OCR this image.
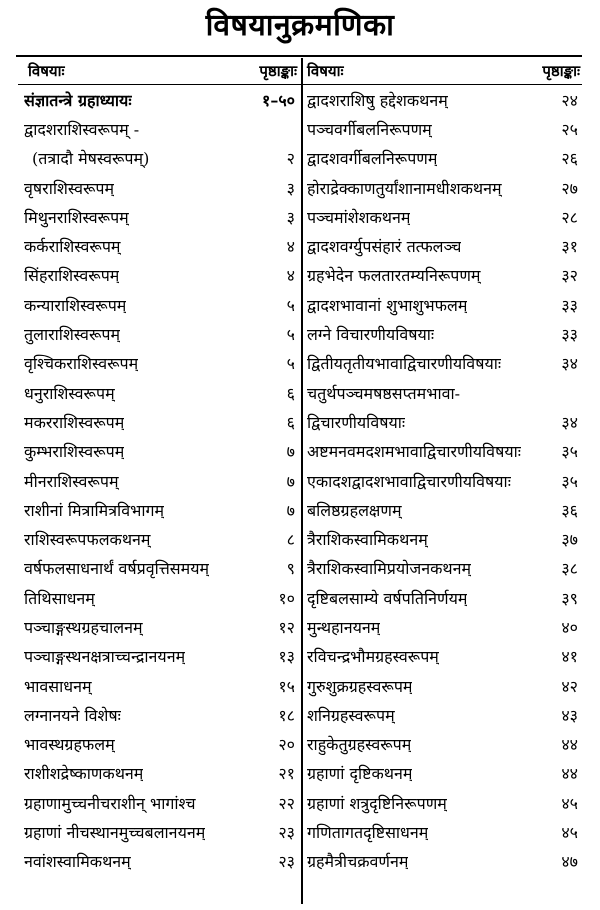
विषयानुक्रमणिका
विषयाः	पृष्ठाङ्काः
संज्ञातन्त्रे ग्रहाध्यायः	१–५०
द्वादशराशिस्वरूपम् -
(तत्रादौ मेषस्वरूपम्)	२
वृषराशिस्वरूपम्	३
मिथुनराशिस्वरूपम्	३
कर्कराशिस्वरूपम्	४
सिंहराशिस्वरूपम्	४
कन्याराशिस्वरूपम्	५
तुलाराशिस्वरूपम्	५
वृश्चिकराशिस्वरूपम्	५
धनुराशिस्वरूपम्	६
मकरराशिस्वरूपम्	६
कुम्भराशिस्वरूपम्	७
मीनराशिस्वरूपम्	७
राशीनां मित्रामित्रविभागम्	७
राशिस्वरूपफलकथनम्	८
वर्षफलसाधनार्थं वर्षप्रवृत्तिसमयम्	९
तिथिसाधनम्	१०
पञ्चाङ्गस्थग्रहचालनम्	१२
पञ्चाङ्गस्थनक्षत्राच्चन्द्रानयनम्	१३
भावसाधनम्	१५
लग्नानयने विशेषः	१८
भावस्थग्रहफलम्	२०
राशीशद्रेष्काणकथनम्	२१
ग्रहाणामुच्चनीचराशीन् भागांश्च	२२
ग्रहाणां नीचस्थानमुच्चबलानयनम्	२३
नवांशस्वामिकथनम्	२३
विषयाः	पृष्ठाङ्काः
द्वादशराशिषु हद्देशकथनम्	२४
पञ्चवर्गीबलनिरूपणम्	२५
द्वादशवर्गीबलनिरूपणम्	२६
होराद्रेक्काणतुर्यांशानामधीशकथनम्	२७
पञ्चमांशेशकथनम्	२८
द्वादशवर्ग्युपसंहारं तत्फलञ्च	३१
ग्रहभेदेन फलतारतम्यनिरूपणम्	३२
द्वादशभावानां शुभाशुभफलम्	३३
लग्ने विचारणीयविषयाः	३३
द्वितीयतृतीयभावाद्विचारणीयविषयाः	३४
चतुर्थपञ्चमषष्ठसप्तमभावा-
द्विचारणीयविषयाः	३४
अष्टमनवमदशमभावाद्विचारणीयविषयाः	३५
एकादशद्वादशभावाद्विचारणीयविषयाः	३५
बलिष्ठग्रहलक्षणम्	३६
त्रैराशिकस्वामिकथनम्	३७
त्रैराशिकस्वामिप्रयोजनकथनम्	३८
दृष्टिबलसाम्ये वर्षपतिनिर्णयम्	३९
मुन्थहानयनम्	४०
रविचन्द्रभौमग्रहस्वरूपम्	४१
गुरुशुक्रग्रहस्वरूपम्	४२
शनिग्रहस्वरूपम्	४३
राहुकेतुग्रहस्वरूपम्	४४
ग्रहाणां दृष्टिकथनम्	४४
ग्रहाणां शत्रुदृष्टिनिरूपणम्	४५
गणितागतदृष्टिसाधनम्	४५
ग्रहमैत्रीचक्रवर्णनम्	४७
